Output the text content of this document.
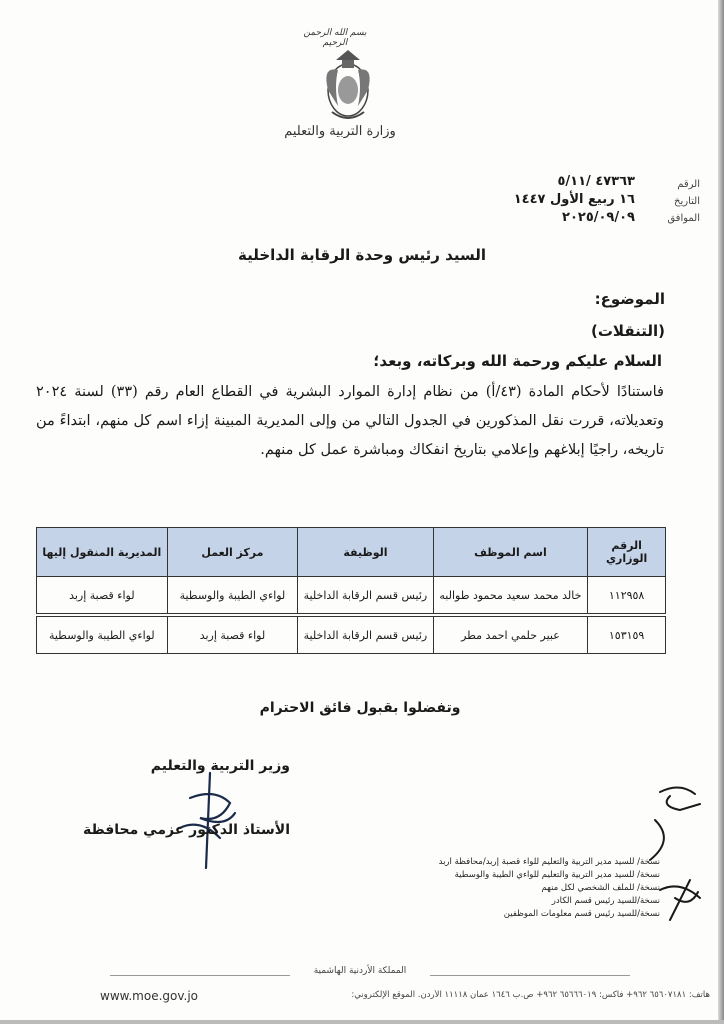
بسم الله الرحمن الرحيم
وزارة التربية والتعليم
الرقم
التاريخ
الموافق
٤٧٣٦٣ /٥/١١
١٦ ربيع الأول ١٤٤٧
٢٠٢٥/٠٩/٠٩
السيد رئيس وحدة الرقابة الداخلية
الموضوع:
(التنقلات)
السلام عليكم ورحمة الله وبركاته، وبعد؛
فاستنادًا لأحكام المادة (٤٣/أ) من نظام إدارة الموارد البشرية في القطاع العام رقم (٣٣) لسنة ٢٠٢٤ وتعديلاته، قررت نقل المذكورين في الجدول التالي من وإلى المديرية المبينة إزاء اسم كل منهم، ابتداءً من تاريخه، راجيًا إبلاغهم وإعلامي بتاريخ انفكاك ومباشرة عمل كل منهم.
الرقم الوزاري	اسم الموظف	الوظيفة	مركز العمل	المديرية المنقول إليها
١١٢٩٥٨	خالد محمد سعيد محمود طوالبه	رئيس قسم الرقابة الداخلية	لواءي الطيبة والوسطية	لواء قصبة إربد

١٥٣١٥٩	عبير حلمي احمد مطر	رئيس قسم الرقابة الداخلية	لواء قصبة إربد	لواءي الطيبة والوسطية
وتفضلوا بقبول فائق الاحترام
وزير التربية والتعليم
الأستاذ الدكتور عزمي محافظة
نسخة/ للسيد مدير التربية والتعليم للواء قصبة إربد/محافظة اربد
نسخة/ للسيد مدير التربية والتعليم للواءي الطيبة والوسطية
نسخة/ للملف الشخصي لكل منهم
نسخة/للسيد رئيس قسم الكادر
نسخة/للسيد رئيس قسم معلومات الموظفين
المملكة الأردنية الهاشمية
هاتف: ٦٥٦٠٧١٨١ ٩٦٢+ فاكس: ٦٥٦٦٦٠١٩ ٩٦٢+ ص.ب ١٦٤٦ عمان ١١١١٨ الأردن. الموقع الإلكتروني:
www.moe.gov.jo
